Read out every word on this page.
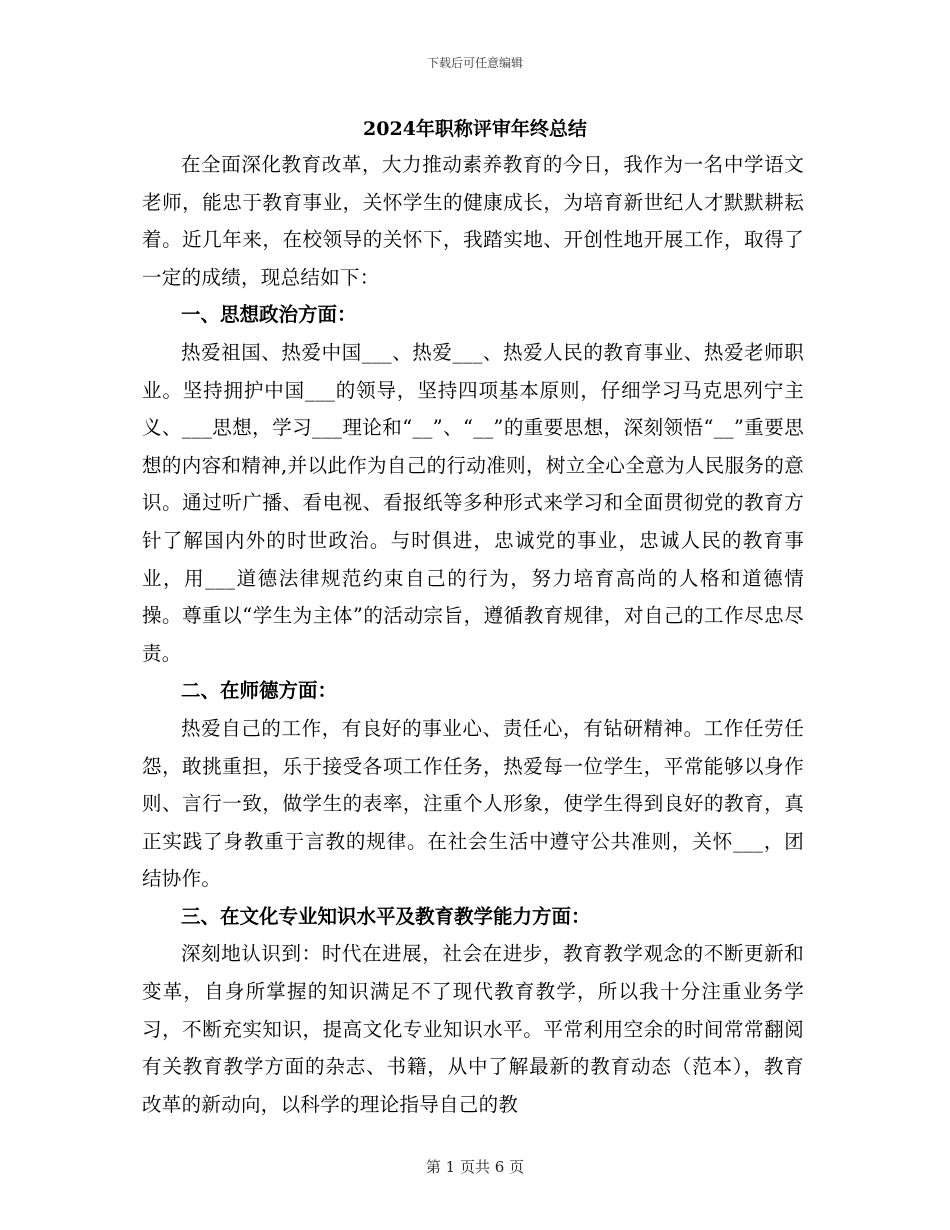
下载后可任意编辑
2024年职称评审年终总结

在全面深化教育改革，大力推动素养教育的今日，我作为一名中学语文老师，能忠于教育事业，关怀学生的健康成长，为培育新世纪人才默默耕耘着。近几年来，在校领导的关怀下，我踏实地、开创性地开展工作，取得了一定的成绩，现总结如下：

一、思想政治方面：

热爱祖国、热爱中国___、热爱___、热爱人民的教育事业、热爱老师职业。坚持拥护中国___的领导，坚持四项基本原则，仔细学习马克思列宁主义、___思想，学习___理论和“__”、“__”的重要思想，深刻领悟“__”重要思想的内容和精神,并以此作为自己的行动准则，树立全心全意为人民服务的意识。通过听广播、看电视、看报纸等多种形式来学习和全面贯彻党的教育方针了解国内外的时世政治。与时俱进，忠诚党的事业，忠诚人民的教育事业，用___道德法律规范约束自己的行为，努力培育高尚的人格和道德情操。尊重以“学生为主体”的活动宗旨，遵循教育规律，对自己的工作尽忠尽责。

二、在师德方面：

热爱自己的工作，有良好的事业心、责任心，有钻研精神。工作任劳任怨，敢挑重担，乐于接受各项工作任务，热爱每一位学生，平常能够以身作则、言行一致，做学生的表率，注重个人形象，使学生得到良好的教育，真正实践了身教重于言教的规律。在社会生活中遵守公共准则，关怀___，团结协作。

三、在文化专业知识水平及教育教学能力方面：

深刻地认识到：时代在进展，社会在进步，教育教学观念的不断更新和变革，自身所掌握的知识满足不了现代教育教学，所以我十分注重业务学习，不断充实知识，提高文化专业知识水平。平常利用空余的时间常常翻阅有关教育教学方面的杂志、书籍，从中了解最新的教育动态（范本），教育改革的新动向，以科学的理论指导自己的教

第 1 页共 6 页
